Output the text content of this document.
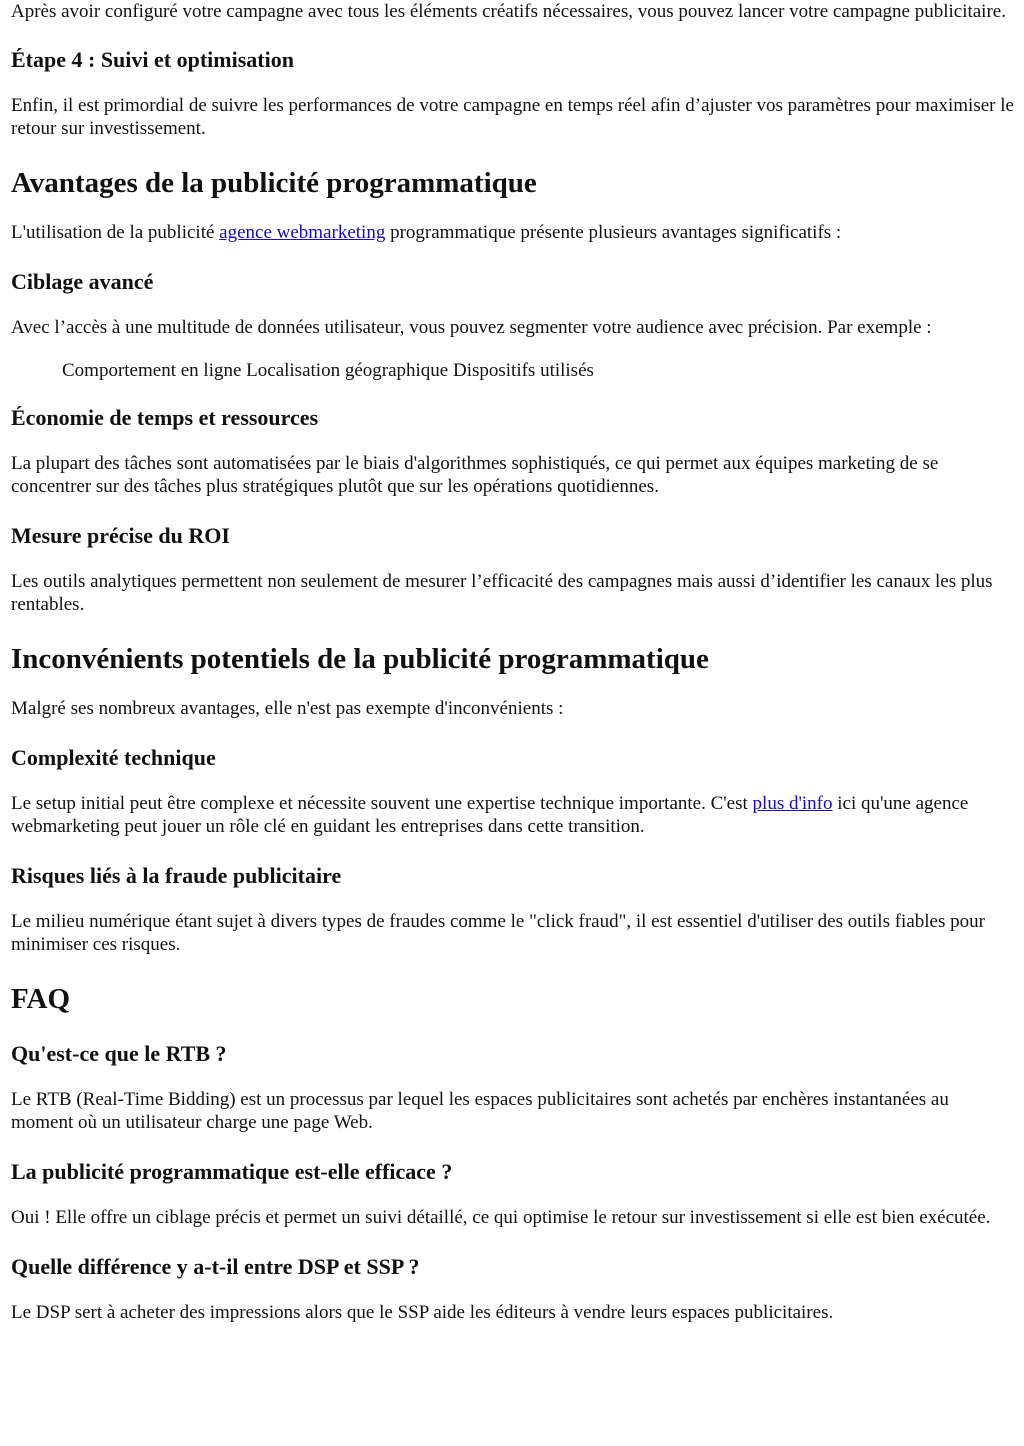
Après avoir configuré votre campagne avec tous les éléments créatifs nécessaires, vous pouvez lancer votre campagne publicitaire.

Étape 4 : Suivi et optimisation

Enfin, il est primordial de suivre les performances de votre campagne en temps réel afin d’ajuster vos paramètres pour maximiser le retour sur investissement.

Avantages de la publicité programmatique

L'utilisation de la publicité agence webmarketing programmatique présente plusieurs avantages significatifs :

Ciblage avancé

Avec l’accès à une multitude de données utilisateur, vous pouvez segmenter votre audience avec précision. Par exemple :

Comportement en ligne Localisation géographique Dispositifs utilisés

Économie de temps et ressources

La plupart des tâches sont automatisées par le biais d'algorithmes sophistiqués, ce qui permet aux équipes marketing de se concentrer sur des tâches plus stratégiques plutôt que sur les opérations quotidiennes.

Mesure précise du ROI

Les outils analytiques permettent non seulement de mesurer l’efficacité des campagnes mais aussi d’identifier les canaux les plus rentables.

Inconvénients potentiels de la publicité programmatique

Malgré ses nombreux avantages, elle n'est pas exempte d'inconvénients :

Complexité technique

Le setup initial peut être complexe et nécessite souvent une expertise technique importante. C'est plus d'info ici qu'une agence webmarketing peut jouer un rôle clé en guidant les entreprises dans cette transition.

Risques liés à la fraude publicitaire

Le milieu numérique étant sujet à divers types de fraudes comme le "click fraud", il est essentiel d'utiliser des outils fiables pour minimiser ces risques.

FAQ
Qu'est-ce que le RTB ?

Le RTB (Real-Time Bidding) est un processus par lequel les espaces publicitaires sont achetés par enchères instantanées au moment où un utilisateur charge une page Web.

La publicité programmatique est-elle efficace ?

Oui ! Elle offre un ciblage précis et permet un suivi détaillé, ce qui optimise le retour sur investissement si elle est bien exécutée.

Quelle différence y a-t-il entre DSP et SSP ?

Le DSP sert à acheter des impressions alors que le SSP aide les éditeurs à vendre leurs espaces publicitaires.
